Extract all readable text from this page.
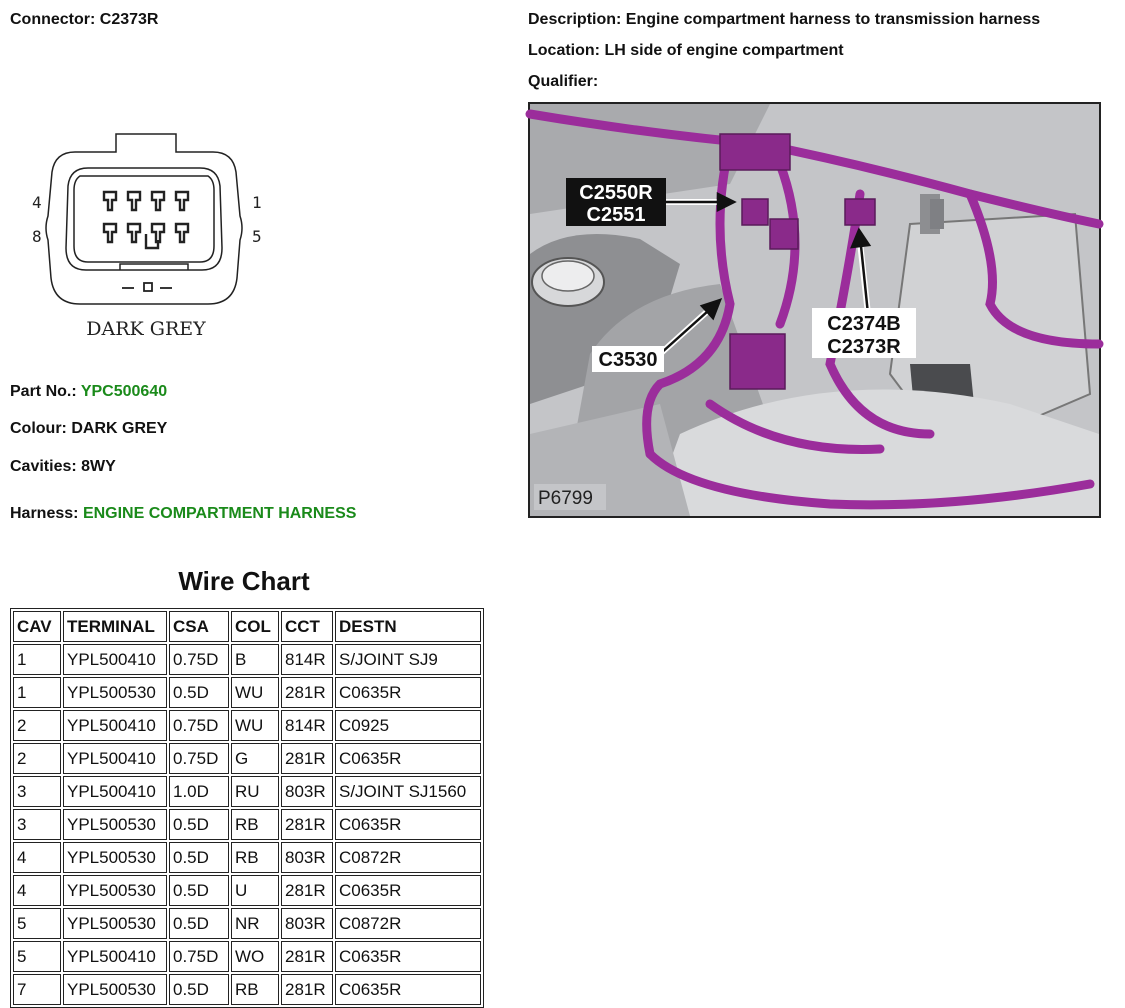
Connector: C2373R	Description: Engine compartment harness to transmission harness
Location: LH side of engine compartment
Qualifier:
4
8
1
5
DARK GREY
Part No.: YPC500640
Colour: DARK GREY
Cavities: 8WY
Harness: ENGINE COMPARTMENT HARNESS
C2550R
C2551
C3530
C2374B
C2373R
P6799
Wire Chart
CAV	TERMINAL	CSA	COL	CCT	DESTN
1	YPL500410	0.75D	B	814R	S/JOINT SJ9
1	YPL500530	0.5D	WU	281R	C0635R
2	YPL500410	0.75D	WU	814R	C0925
2	YPL500410	0.75D	G	281R	C0635R
3	YPL500410	1.0D	RU	803R	S/JOINT SJ1560
3	YPL500530	0.5D	RB	281R	C0635R
4	YPL500530	0.5D	RB	803R	C0872R
4	YPL500530	0.5D	U	281R	C0635R
5	YPL500530	0.5D	NR	803R	C0872R
5	YPL500410	0.75D	WO	281R	C0635R
7	YPL500530	0.5D	RB	281R	C0635R
